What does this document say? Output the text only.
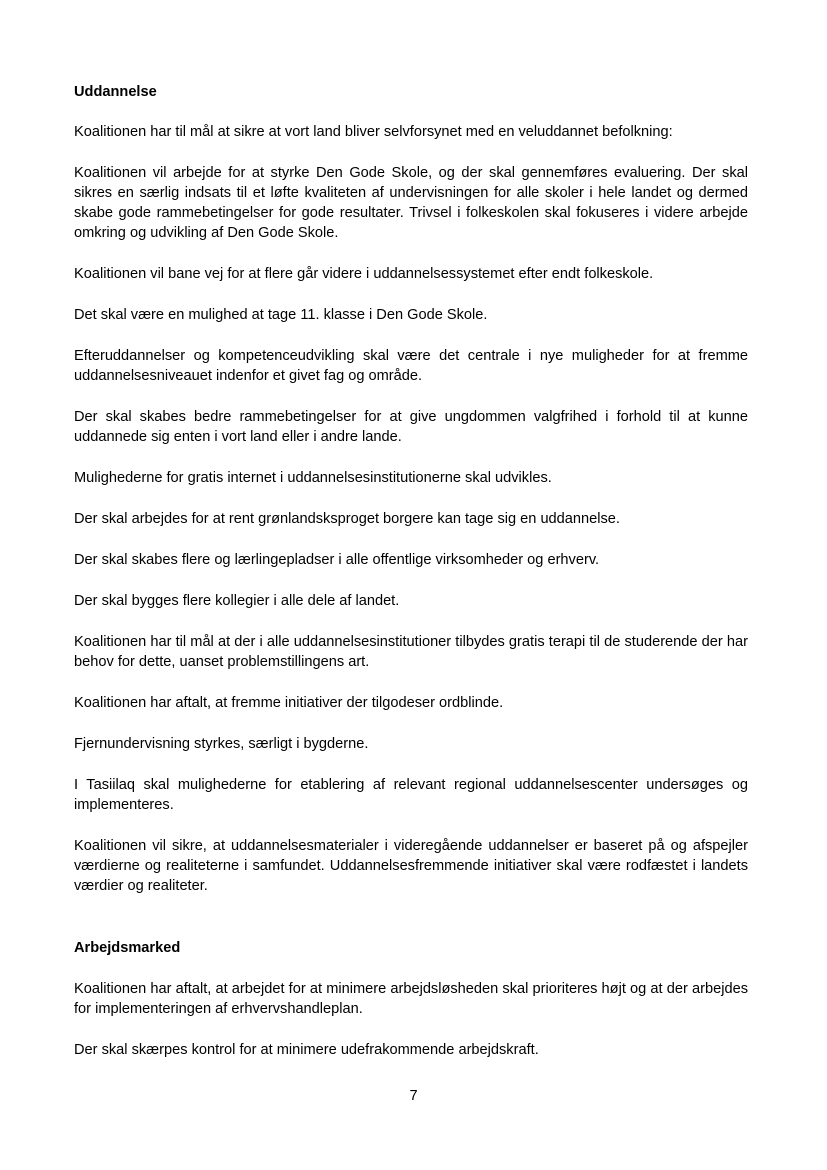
Uddannelse
Koalitionen har til mål at sikre at vort land bliver selvforsynet med en veluddannet befolkning:
Koalitionen vil arbejde for at styrke Den Gode Skole, og der skal gennemføres evaluering. Der skal sikres en særlig indsats til et løfte kvaliteten af undervisningen for alle skoler i hele landet og dermed skabe gode rammebetingelser for gode resultater. Trivsel i folkeskolen skal fokuseres i videre arbejde omkring og udvikling af Den Gode Skole.
Koalitionen vil bane vej for at flere går videre i uddannelsessystemet efter endt folkeskole.
Det skal være en mulighed at tage 11. klasse i Den Gode Skole.
Efteruddannelser og kompetenceudvikling skal være det centrale i nye muligheder for at fremme uddannelsesniveauet indenfor et givet fag og område.
Der skal skabes bedre rammebetingelser for at give ungdommen valgfrihed i forhold til at kunne uddannede sig enten i vort land eller i andre lande.
Mulighederne for gratis internet i uddannelsesinstitutionerne skal udvikles.
Der skal arbejdes for at rent grønlandsksproget borgere kan tage sig en uddannelse.
Der skal skabes flere og lærlingepladser i alle offentlige virksomheder og erhverv.
Der skal bygges flere kollegier i alle dele af landet.
Koalitionen har til mål at der i alle uddannelsesinstitutioner tilbydes gratis terapi til de studerende der har behov for dette, uanset problemstillingens art.
Koalitionen har aftalt, at fremme initiativer der tilgodeser ordblinde.
Fjernundervisning styrkes, særligt i bygderne.
I Tasiilaq skal mulighederne for etablering af relevant regional uddannelsescenter undersøges og implementeres.
Koalitionen vil sikre, at uddannelsesmaterialer i videregående uddannelser er baseret på og afspejler værdierne og realiteterne i samfundet. Uddannelsesfremmende initiativer skal være rodfæstet i landets værdier og realiteter.
Arbejdsmarked
Koalitionen har aftalt, at arbejdet for at minimere arbejdsløsheden skal prioriteres højt og at der arbejdes for implementeringen af erhvervshandleplan.
Der skal skærpes kontrol for at minimere udefrakommende arbejdskraft.
7
